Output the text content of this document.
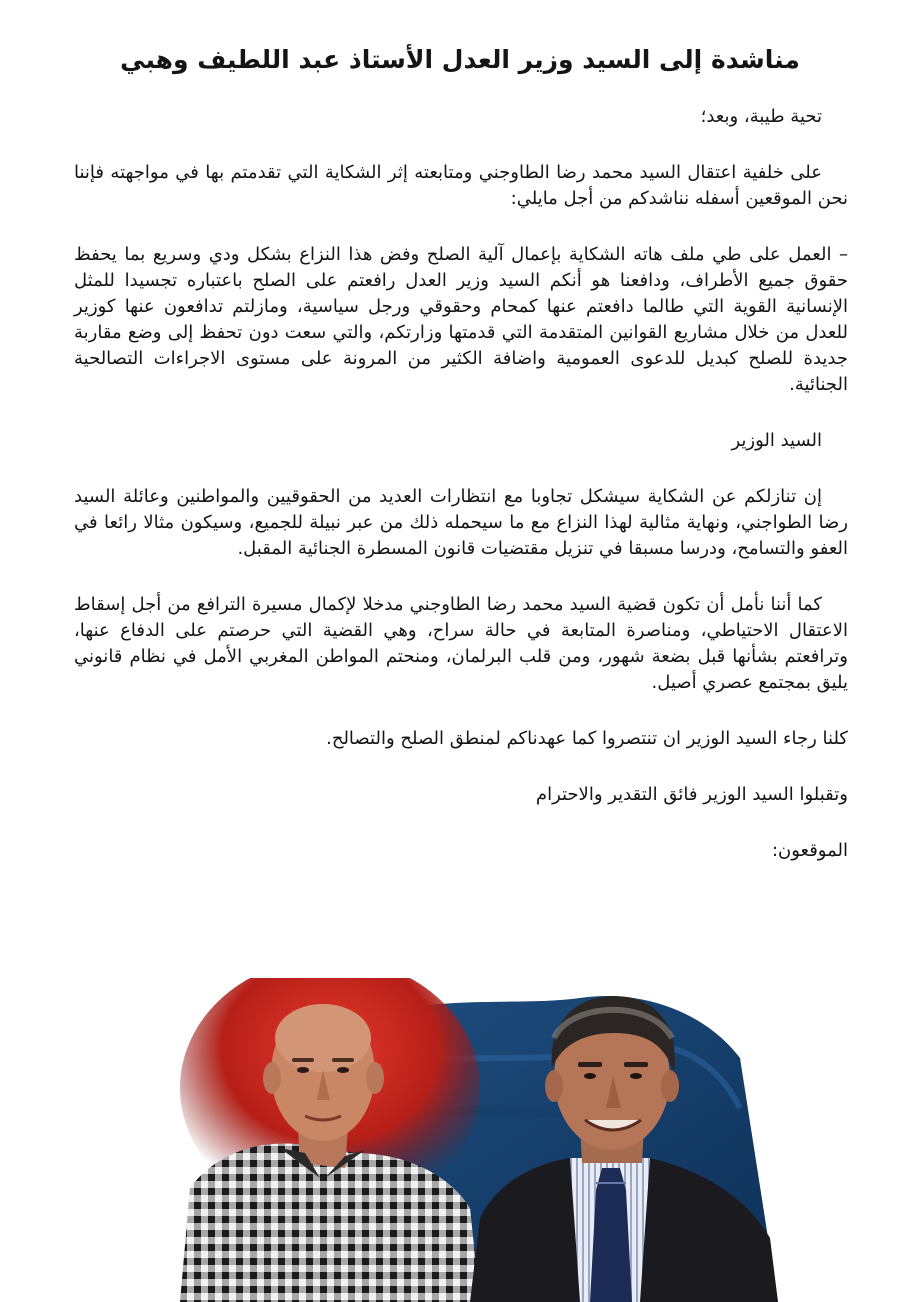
مناشدة إلى السيد وزير العدل الأستاذ عبد اللطيف وهبي

تحية طيبة، وبعد؛

على خلفية اعتقال السيد محمد رضا الطاوجني ومتابعته إثر الشكاية التي تقدمتم بها في مواجهته فإننا نحن الموقعين أسفله نناشدكم من أجل مايلي:

– العمل على طي ملف هاته الشكاية بإعمال آلية الصلح وفض هذا النزاع بشكل ودي وسريع بما يحفظ حقوق جميع الأطراف، ودافعنا هو أنكم السيد وزير العدل رافعتم على الصلح باعتباره تجسيدا للمثل الإنسانية القوية التي طالما دافعتم عنها كمحام وحقوقي ورجل سياسية، ومازلتم تدافعون عنها كوزير للعدل من خلال مشاريع القوانين المتقدمة التي قدمتها وزارتكم، والتي سعت دون تحفظ إلى وضع مقاربة جديدة للصلح كبديل للدعوى العمومية واضافة الكثير من المرونة على مستوى الاجراءات التصالحية الجنائية.

السيد الوزير

إن تنازلكم عن الشكاية سيشكل تجاوبا مع انتظارات العديد من الحقوقيين والمواطنين وعائلة السيد رضا الطواجني، ونهاية مثالية لهذا النزاع مع ما سيحمله ذلك من عبر نبيلة للجميع، وسيكون مثالا رائعا في العفو والتسامح، ودرسا مسبقا في تنزيل مقتضيات قانون المسطرة الجنائية المقبل.

كما أننا نأمل أن تكون قضية السيد محمد رضا الطاوجني مدخلا لإكمال مسيرة الترافع من أجل إسقاط الاعتقال الاحتياطي، ومناصرة المتابعة في حالة سراح، وهي القضية التي حرصتم على الدفاع عنها، وترافعتم بشأنها قبل بضعة شهور، ومن قلب البرلمان، ومنحتم المواطن المغربي الأمل في نظام قانوني يليق بمجتمع عصري أصيل.

كلنا رجاء السيد الوزير ان تنتصروا كما عهدناكم لمنطق الصلح والتصالح.

وتقبلوا السيد الوزير فائق التقدير والاحترام

الموقعون:
